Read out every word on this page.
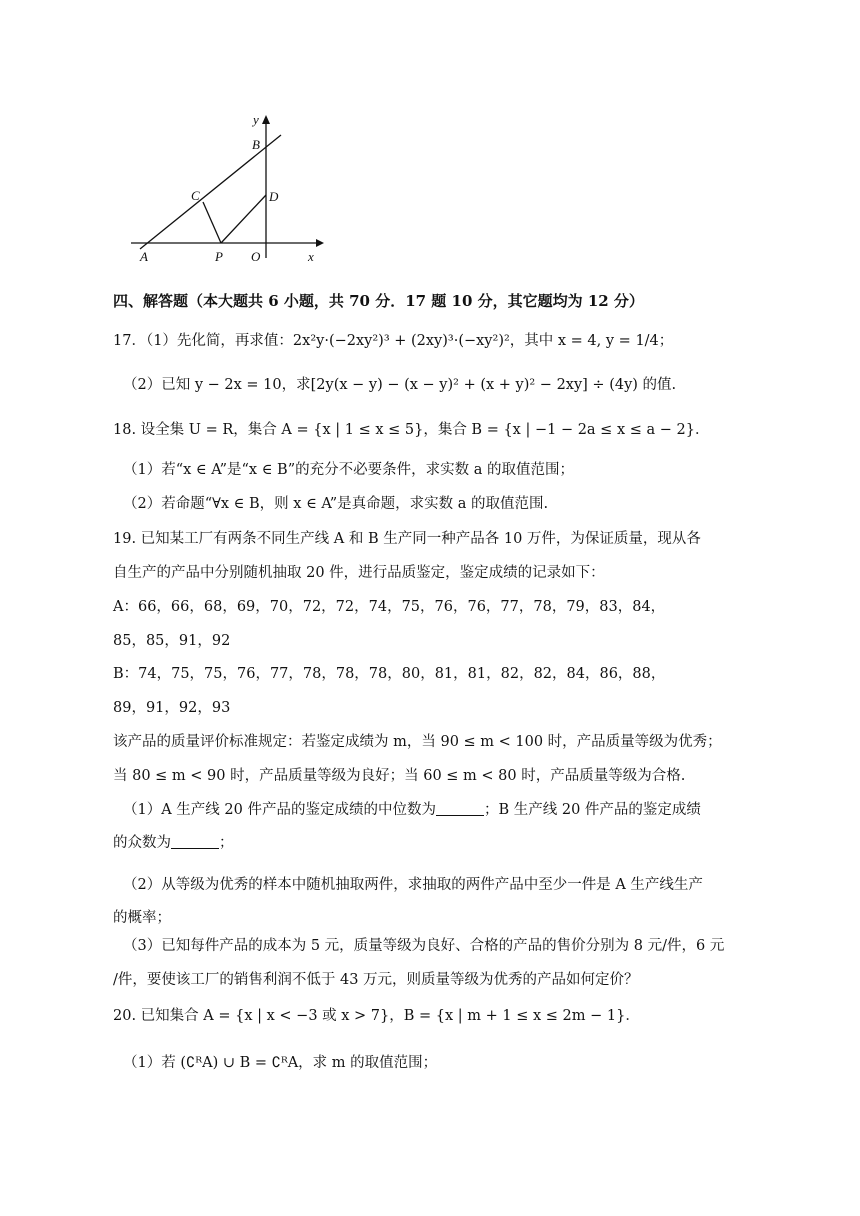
y
B
C	D
A	P O	x
四、解答题（本大题共 6 小题，共 70 分．17 题 10 分，其它题均为 12 分）
17．（1）先化简，再求值：2x²y·(−2xy²)³ + (2xy)³·(−xy²)²，其中 x = 4, y = 1/4；
（2）已知 y − 2x = 10，求[2y(x − y) − (x − y)² + (x + y)² − 2xy] ÷ (4y) 的值.
18. 设全集 U = R，集合 A = {x | 1 ≤ x ≤ 5}，集合 B = {x | −1 − 2a ≤ x ≤ a − 2}．
（1）若“x ∈ A”是“x ∈ B”的充分不必要条件，求实数 a 的取值范围；
（2）若命题“∀x ∈ B，则 x ∈ A”是真命题，求实数 a 的取值范围.
19. 已知某工厂有两条不同生产线 A 和 B 生产同一种产品各 10 万件，为保证质量，现从各
自生产的产品中分别随机抽取 20 件，进行品质鉴定，鉴定成绩的记录如下：
A：66，66，68，69，70，72，72，74，75，76，76，77，78，79，83，84，
85，85，91，92
B：74，75，75，76，77，78，78，78，80，81，81，82，82，84，86，88，
89，91，92，93
该产品的质量评价标准规定：若鉴定成绩为 m，当 90 ≤ m < 100 时，产品质量等级为优秀；
当 80 ≤ m < 90 时，产品质量等级为良好；当 60 ≤ m < 80 时，产品质量等级为合格.
（1）A 生产线 20 件产品的鉴定成绩的中位数为	；B 生产线 20 件产品的鉴定成绩
的众数为	；
（2）从等级为优秀的样本中随机抽取两件，求抽取的两件产品中至少一件是 A 生产线生产
的概率；
（3）已知每件产品的成本为 5 元，质量等级为良好、合格的产品的售价分别为 8 元/件，6 元
/件，要使该工厂的销售利润不低于 43 万元，则质量等级为优秀的产品如何定价？
20. 已知集合 A = {x | x < −3 或 x > 7}，B = {x | m + 1 ≤ x ≤ 2m − 1}．
（1）若 (∁ᴿA) ∪ B = ∁ᴿA，求 m 的取值范围；
